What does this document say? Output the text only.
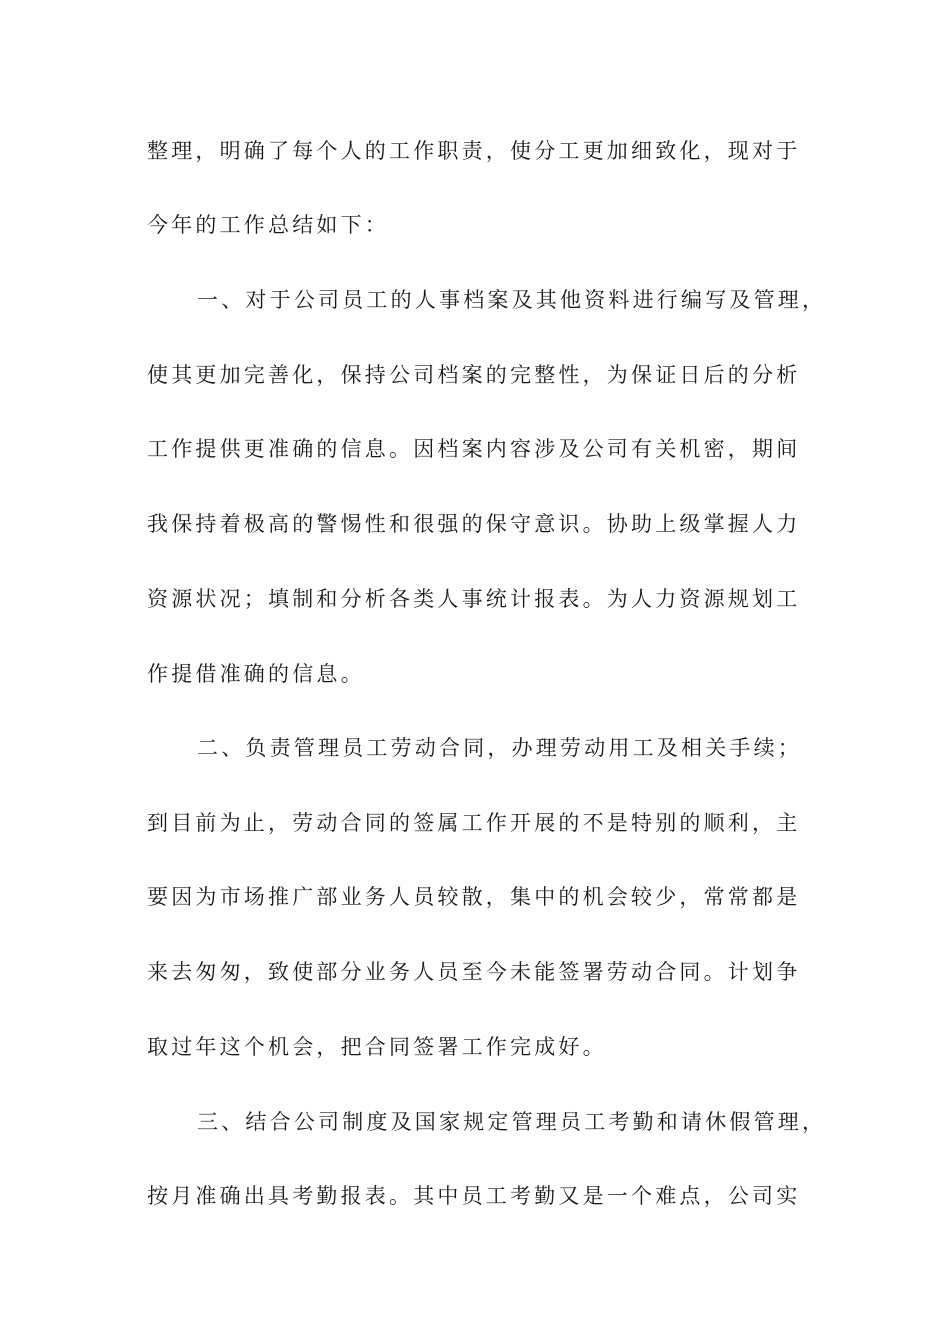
整理，明确了每个人的工作职责，使分工更加细致化，现对于
今年的工作总结如下：
一、对于公司员工的人事档案及其他资料进行编写及管理，
使其更加完善化，保持公司档案的完整性，为保证日后的分析
工作提供更准确的信息。因档案内容涉及公司有关机密，期间
我保持着极高的警惕性和很强的保守意识。协助上级掌握人力
资源状况；填制和分析各类人事统计报表。为人力资源规划工
作提借准确的信息。
二、负责管理员工劳动合同，办理劳动用工及相关手续；
到目前为止，劳动合同的签属工作开展的不是特别的顺利，主
要因为市场推广部业务人员较散，集中的机会较少，常常都是
来去匆匆，致使部分业务人员至今未能签署劳动合同。计划争
取过年这个机会，把合同签署工作完成好。
三、结合公司制度及国家规定管理员工考勤和请休假管理，
按月准确出具考勤报表。其中员工考勤又是一个难点，公司实
